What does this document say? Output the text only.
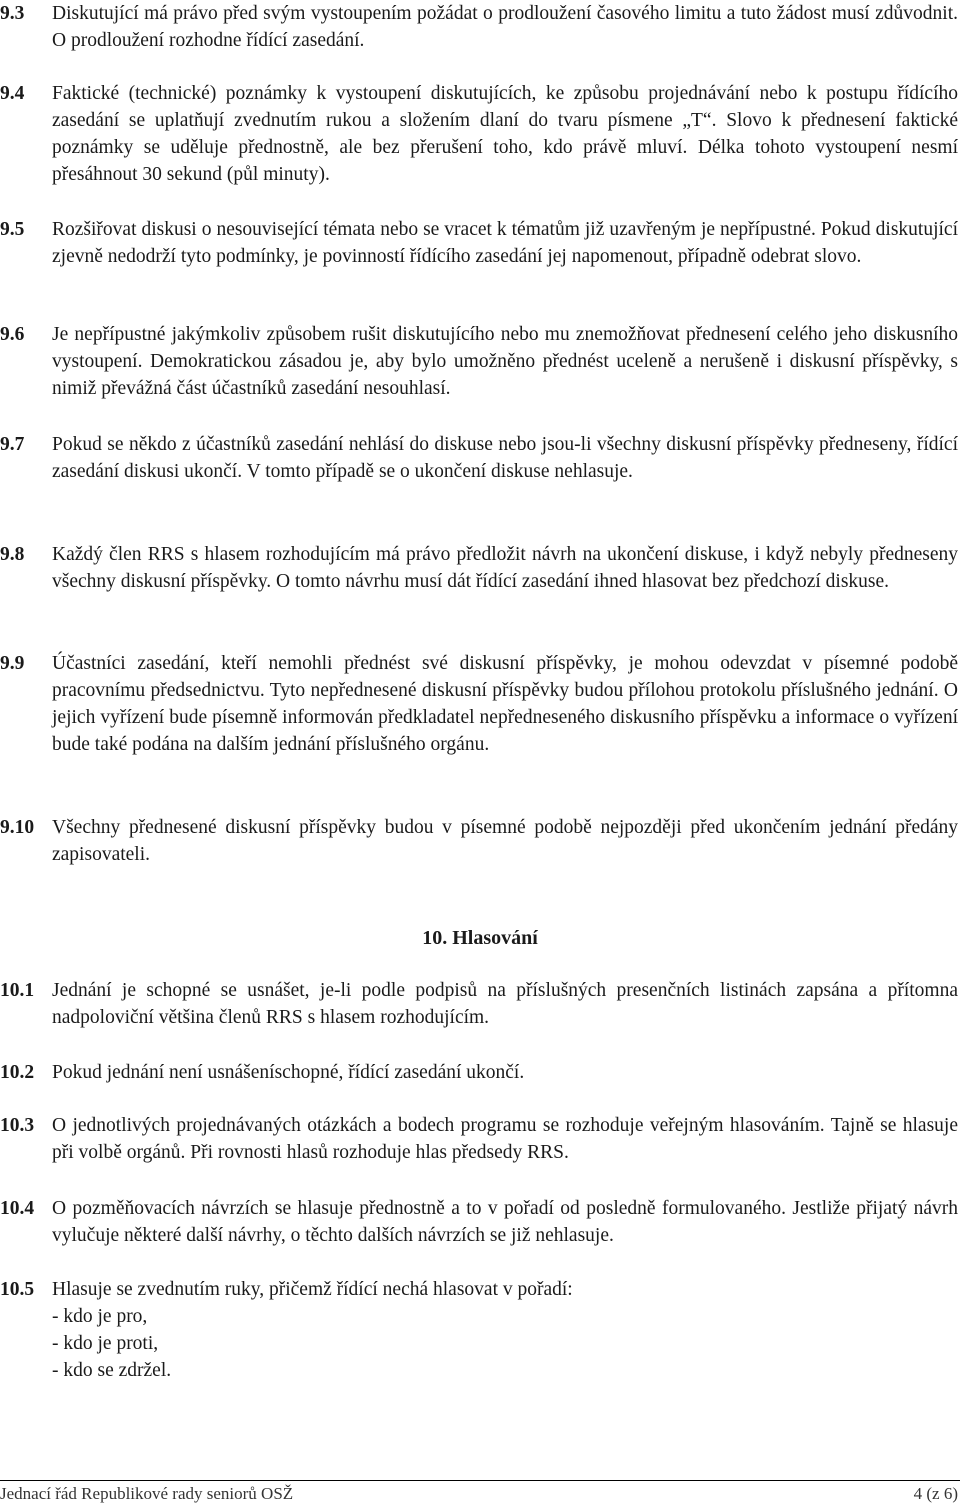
9.3 Diskutující má právo před svým vystoupením požádat o prodloužení časového limitu a tuto žádost musí zdůvodnit. O prodloužení rozhodne řídící zasedání.
9.4 Faktické (technické) poznámky k vystoupení diskutujících, ke způsobu projednávání nebo k postupu řídícího zasedání se uplatňují zvednutím rukou a složením dlaní do tvaru písmene „T“. Slovo k přednesení faktické poznámky se uděluje přednostně, ale bez přerušení toho, kdo právě mluví. Délka tohoto vystoupení nesmí přesáhnout 30 sekund (půl minuty).
9.5 Rozšiřovat diskusi o nesouvisející témata nebo se vracet k tématům již uzavřeným je nepřípustné. Pokud diskutující zjevně nedodrží tyto podmínky, je povinností řídícího zasedání jej napomenout, případně odebrat slovo.
9.6 Je nepřípustné jakýmkoliv způsobem rušit diskutujícího nebo mu znemožňovat přednesení celého jeho diskusního vystoupení. Demokratickou zásadou je, aby bylo umožněno přednést uceleně a nerušeně i diskusní příspěvky, s nimiž převážná část účastníků zasedání nesouhlasí.
9.7 Pokud se někdo z účastníků zasedání nehlásí do diskuse nebo jsou-li všechny diskusní příspěvky předneseny, řídící zasedání diskusi ukončí. V tomto případě se o ukončení diskuse nehlasuje.
9.8 Každý člen RRS s hlasem rozhodujícím má právo předložit návrh na ukončení diskuse, i když nebyly předneseny všechny diskusní příspěvky. O tomto návrhu musí dát řídící zasedání ihned hlasovat bez předchozí diskuse.
9.9 Účastníci zasedání, kteří nemohli přednést své diskusní příspěvky, je mohou odevzdat v písemné podobě pracovnímu předsednictvu. Tyto nepřednesené diskusní příspěvky budou přílohou protokolu příslušného jednání. O jejich vyřízení bude písemně informován předkladatel nepředneseného diskusního příspěvku a informace o vyřízení bude také podána na dalším jednání příslušného orgánu.
9.10 Všechny přednesené diskusní příspěvky budou v písemné podobě nejpozději před ukončením jednání předány zapisovateli.
10. Hlasování
10.1 Jednání je schopné se usnášet, je-li podle podpisů na příslušných presenčních listinách zapsána a přítomna nadpoloviční většina členů RRS s hlasem rozhodujícím.
10.2 Pokud jednání není usnášeníschopné, řídící zasedání ukončí.
10.3 O jednotlivých projednávaných otázkách a bodech programu se rozhoduje veřejným hlasováním. Tajně se hlasuje při volbě orgánů. Při rovnosti hlasů rozhoduje hlas předsedy RRS.
10.4 O pozměňovacích návrzích se hlasuje přednostně a to v pořadí od posledně formulovaného. Jestliže přijatý návrh vylučuje některé další návrhy, o těchto dalších návrzích se již nehlasuje.
10.5 Hlasuje se zvednutím ruky, přičemž řídící nechá hlasovat v pořadí:
- kdo je pro,
- kdo je proti,
- kdo se zdržel.
Jednací řád Republikové rady seniorů OSŽ	4 (z 6)
